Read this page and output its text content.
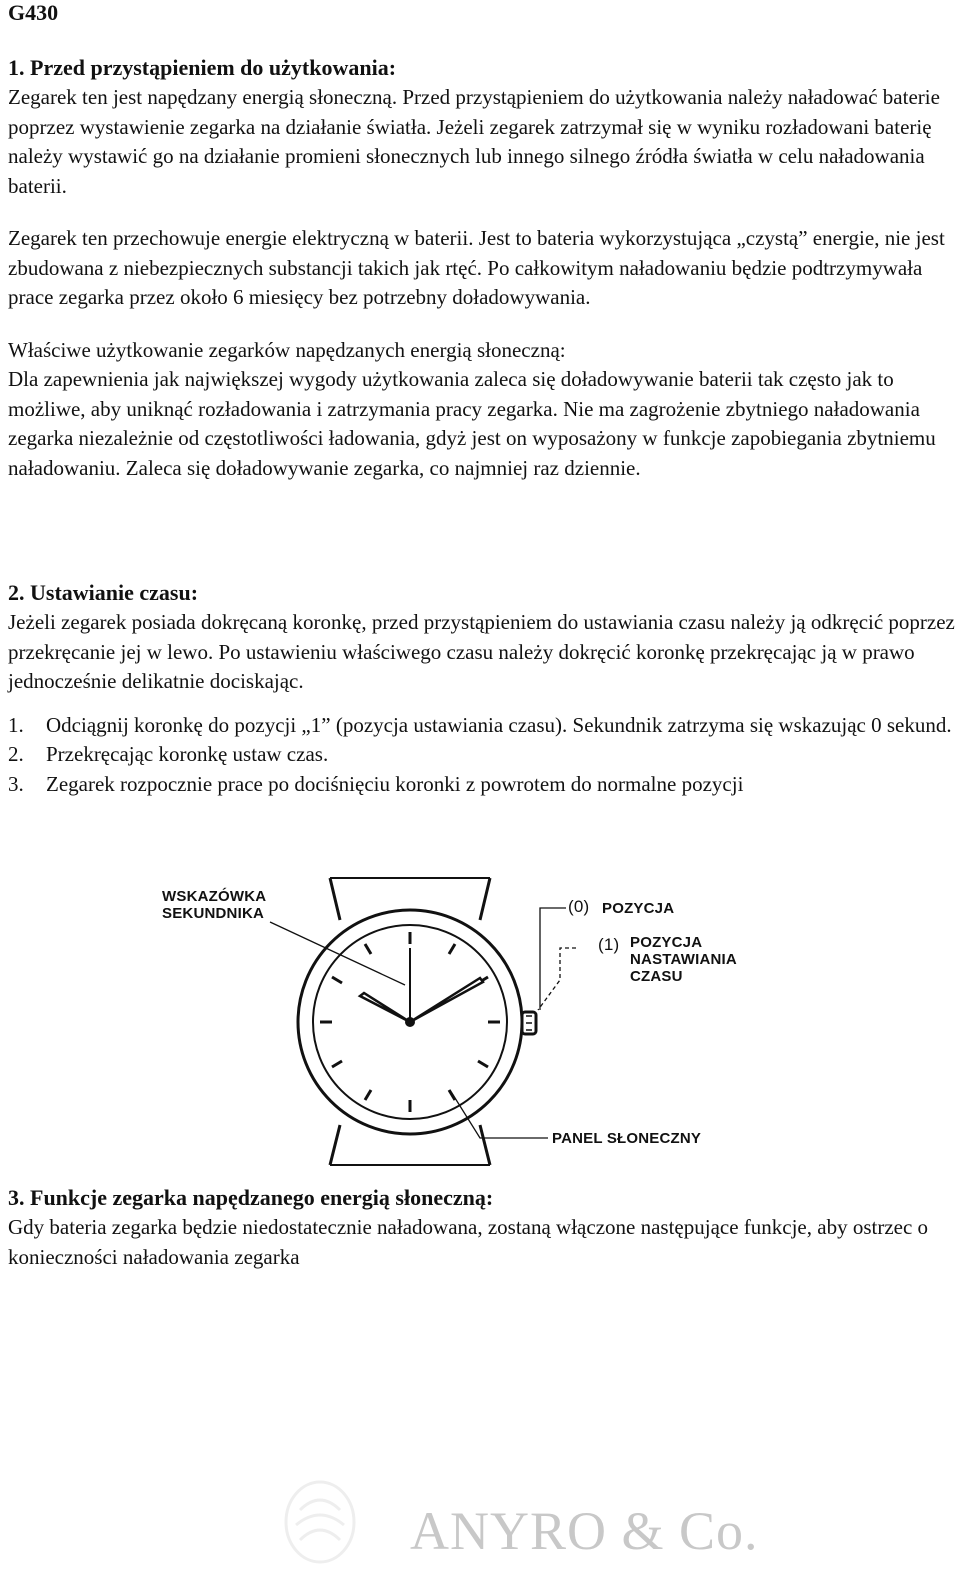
G430
1. Przed przystąpieniem do użytkowania:

Zegarek ten jest napędzany energią słoneczną. Przed przystąpieniem do użytkowania należy naładować baterie poprzez wystawienie zegarka na działanie światła. Jeżeli zegarek zatrzymał się w wyniku rozładowani baterię należy wystawić go na działanie promieni słonecznych lub innego silnego źródła światła w celu naładowania baterii.

Zegarek ten przechowuje energie elektryczną w baterii. Jest to bateria wykorzystująca „czystą” energie, nie jest zbudowana z niebezpiecznych substancji takich jak rtęć. Po całkowitym naładowaniu będzie podtrzymywała prace zegarka przez około 6 miesięcy bez potrzebny doładowywania.

Właściwe użytkowanie zegarków napędzanych energią słoneczną:

Dla zapewnienia jak największej wygody użytkowania zaleca się doładowywanie baterii tak często jak to możliwe, aby uniknąć rozładowania i zatrzymania pracy zegarka. Nie ma zagrożenie zbytniego naładowania zegarka niezależnie od częstotliwości ładowania, gdyż jest on wyposażony w funkcje zapobiegania zbytniemu naładowaniu. Zaleca się doładowywanie zegarka, co najmniej raz dziennie.

2. Ustawianie czasu:

Jeżeli zegarek posiada dokręcaną koronkę, przed przystąpieniem do ustawiania czasu należy ją odkręcić poprzez przekręcanie jej w lewo. Po ustawieniu właściwego czasu należy dokręcić koronkę przekręcając ją w prawo jednocześnie delikatnie dociskając.

1.	Odciągnij koronkę do pozycji „1” (pozycja ustawiania czasu). Sekundnik zatrzyma się wskazując 0 sekund.
2.	Przekręcając koronkę ustaw czas.
3.	Zegarek rozpocznie prace po dociśnięciu koronki z powrotem do normalne pozycji
3. Funkcje zegarka napędzanego energią słoneczną:

Gdy bateria zegarka będzie niedostatecznie naładowana, zostaną włączone następujące funkcje, aby ostrzec o konieczności naładowania zegarka

WSKAZÓWKA
SEKUNDNIKA	(0) POZYCJA
(1) POZYCJA
NASTAWIANIA
CZASU
PANEL SŁONECZNY
ANYRO & Co.
